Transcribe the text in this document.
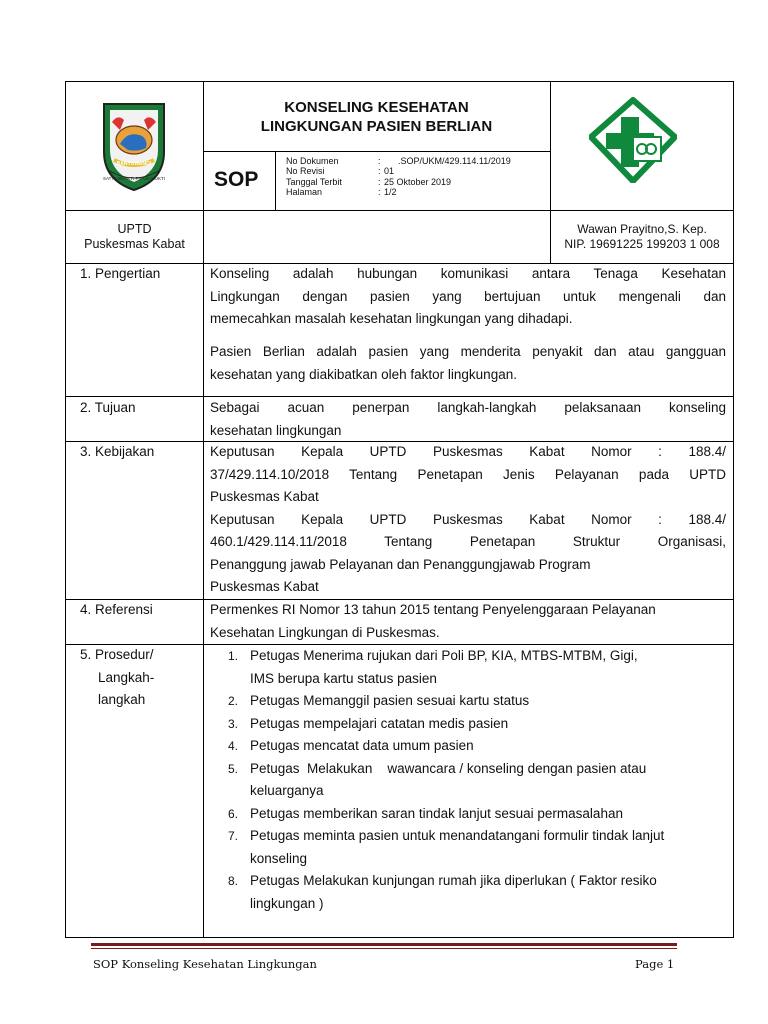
BANYUWANGI
SATYA BHAKTI PRAJA MUKTI
KONSELING KESEHATAN
LINGKUNGAN PASIEN BERLIAN
SOP
No Dokumen	: .SOP/UKM/429.114.11/2019
No Revisi	: 01
Tanggal Terbit	: 25 Oktober 2019
Halaman	: 1/2
UPTD
Puskesmas Kabat
Wawan Prayitno,S. Kep.
NIP. 19691225 199203 1 008
1. Pengertian	Konseling adalah hubungan komunikasi antara Tenaga Kesehatan
Lingkungan dengan pasien yang bertujuan untuk mengenali dan
memecahkan masalah kesehatan lingkungan yang dihadapi.
Pasien Berlian adalah pasien yang menderita penyakit dan atau gangguan
kesehatan yang diakibatkan oleh faktor lingkungan.
2. Tujuan	Sebagai acuan penerpan langkah-langkah pelaksanaan konseling
kesehatan lingkungan
3. Kebijakan	Keputusan Kepala UPTD Puskesmas Kabat Nomor : 188.4/
37/429.114.10/2018 Tentang Penetapan Jenis Pelayanan pada UPTD
Puskesmas Kabat
Keputusan Kepala UPTD Puskesmas Kabat Nomor : 188.4/
460.1/429.114.11/2018 Tentang Penetapan Struktur Organisasi,
Penanggung jawab Pelayanan dan Penanggungjawab Program
Puskesmas Kabat
4. Referensi	Permenkes RI Nomor 13 tahun 2015 tentang Penyelenggaraan Pelayanan
Kesehatan Lingkungan di Puskesmas.
5. Prosedur/
Langkah-
langkah
1. Petugas Menerima rujukan dari Poli BP, KIA, MTBS-MTBM, Gigi,
IMS berupa kartu status pasien
2. Petugas Memanggil pasien sesuai kartu status
3. Petugas mempelajari catatan medis pasien
4. Petugas mencatat data umum pasien
5. Petugas  Melakukan    wawancara / konseling dengan pasien atau
keluarganya
6. Petugas memberikan saran tindak lanjut sesuai permasalahan
7. Petugas meminta pasien untuk menandatangani formulir tindak lanjut
konseling
8. Petugas Melakukan kunjungan rumah jika diperlukan ( Faktor resiko
lingkungan )
SOP Konseling Kesehatan Lingkungan	Page 1
